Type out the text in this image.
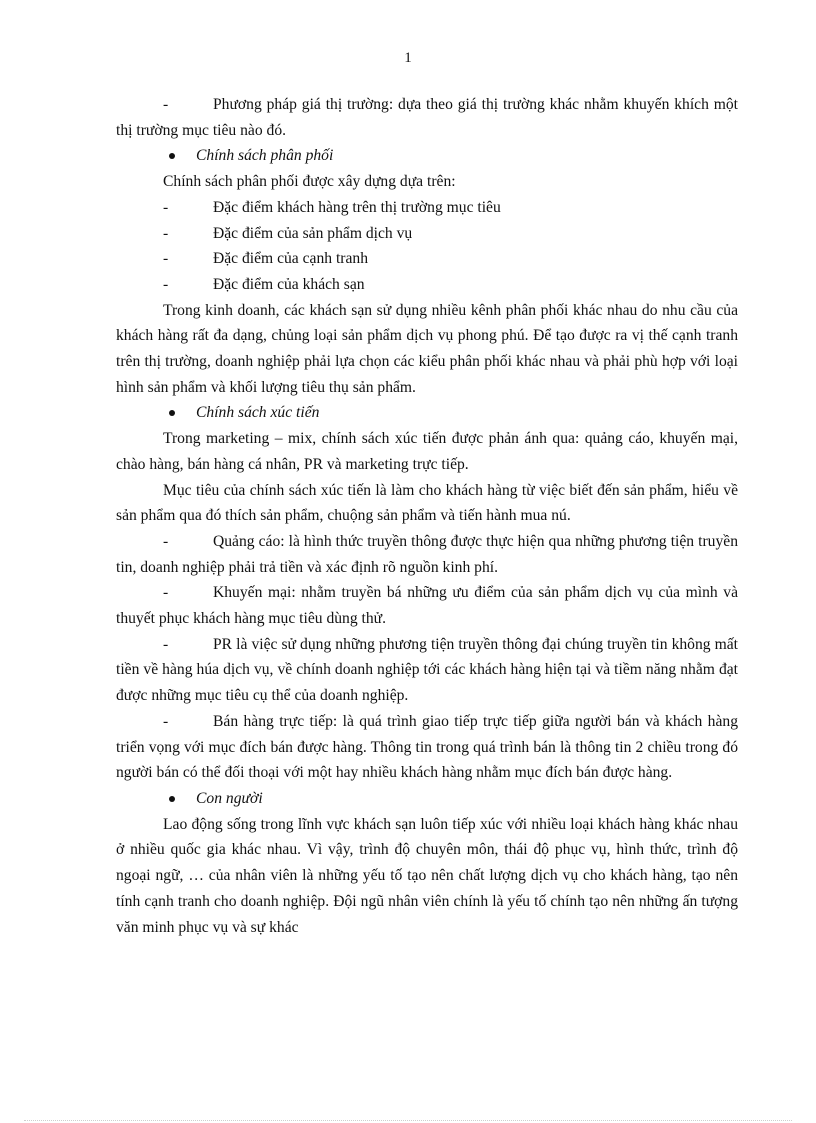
1

-	Phương pháp giá thị trường: dựa theo giá thị trường khác nhằm khuyến khích một thị trường mục tiêu nào đó.

Chính sách phân phối

Chính sách phân phối được xây dựng dựa trên:

-	Đặc điểm khách hàng trên thị trường mục tiêu

-	Đặc điểm của sản phẩm dịch vụ

-	Đặc điểm của cạnh tranh

-	Đặc điểm của khách sạn

Trong kinh doanh, các khách sạn sử dụng nhiều kênh phân phối khác nhau do nhu cầu của khách hàng rất đa dạng, chủng loại sản phẩm dịch vụ phong phú. Để tạo được ra vị thế cạnh tranh trên thị trường, doanh nghiệp phải lựa chọn các kiểu phân phối khác nhau và phải phù hợp với loại hình sản phẩm và khối lượng tiêu thụ sản phẩm.

Chính sách xúc tiến

Trong marketing – mix, chính sách xúc tiến được phản ánh qua: quảng cáo, khuyến mại, chào hàng, bán hàng cá nhân, PR và marketing trực tiếp.

Mục tiêu của chính sách xúc tiến là làm cho khách hàng từ việc biết đến sản phẩm, hiểu về sản phẩm qua đó thích sản phẩm, chuộng sản phẩm và tiến hành mua nú.

-	Quảng cáo: là hình thức truyền thông được thực hiện qua những phương tiện truyền tin, doanh nghiệp phải trả tiền và xác định rõ nguồn kinh phí.

-	Khuyến mại: nhằm truyền bá những ưu điểm của sản phẩm dịch vụ của mình và thuyết phục khách hàng mục tiêu dùng thử.

-	PR là việc sử dụng những phương tiện truyền thông đại chúng truyền tin không mất tiền về hàng húa dịch vụ, về chính doanh nghiệp tới các khách hàng hiện tại và tiềm năng nhằm đạt được những mục tiêu cụ thể của doanh nghiệp.

-	Bán hàng trực tiếp: là quá trình giao tiếp trực tiếp giữa người bán và khách hàng triển vọng với mục đích bán được hàng. Thông tin trong quá trình bán là thông tin 2 chiều trong đó người bán có thể đối thoại với một hay nhiều khách hàng nhằm mục đích bán được hàng.

Con người

Lao động sống trong lĩnh vực khách sạn luôn tiếp xúc với nhiều loại khách hàng khác nhau ở nhiều quốc gia khác nhau. Vì vậy, trình độ chuyên môn, thái độ phục vụ, hình thức, trình độ ngoại ngữ, … của nhân viên là những yếu tố tạo nên chất lượng dịch vụ cho khách hàng, tạo nên tính cạnh tranh cho doanh nghiệp. Đội ngũ nhân viên chính là yếu tố chính tạo nên những ấn tượng văn minh phục vụ và sự khác
